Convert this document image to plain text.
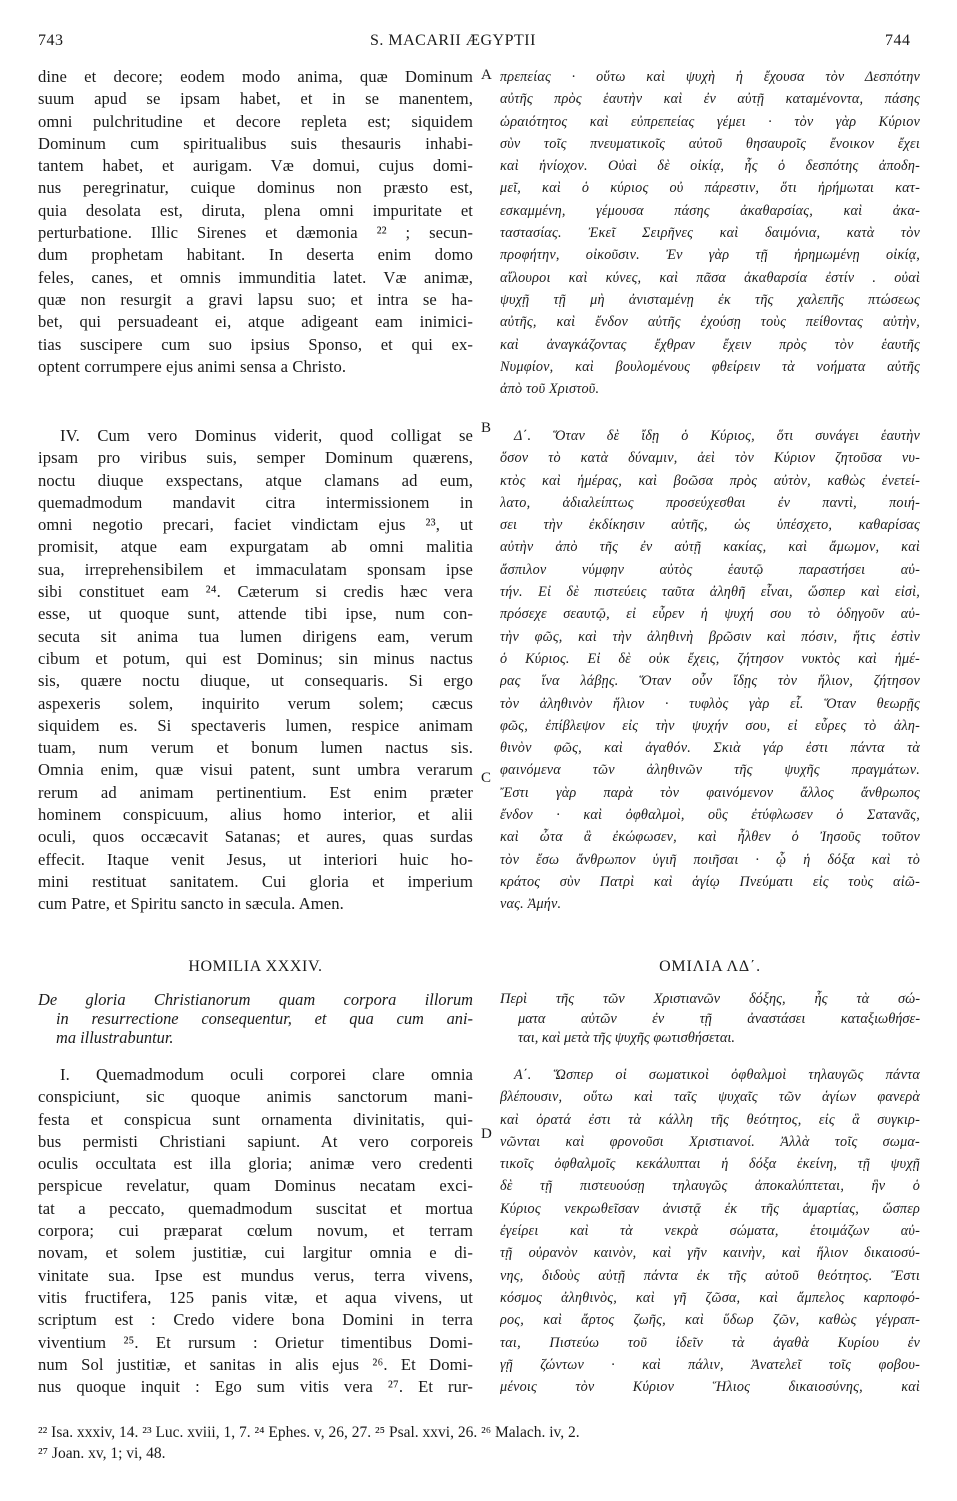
743	S. MACARII ÆGYPTII	744
A
B
C
D
dine et decore; eodem modo anima, quæ Dominum
suum apud se ipsam habet, et in se manentem,
omni pulchritudine et decore repleta est; siquidem
Dominum cum spiritualibus suis thesauris inhabi-
tantem habet, et aurigam. Væ domui, cujus domi-
nus peregrinatur, cuique dominus non præsto est,
quia desolata est, diruta, plena omni impuritate et
perturbatione. Illic Sirenes et dæmonia ²² ; secun-
dum prophetam habitant. In deserta enim domo
feles, canes, et omnis immunditia latet. Væ animæ,
quæ non resurgit a gravi lapsu suo; et intra se ha-
bet, qui persuadeant ei, atque adigeant eam inimici-
tias suscipere cum suo ipsius Sponso, et qui ex-
optent corrumpere ejus animi sensa a Christo.
IV. Cum vero Dominus viderit, quod colligat se
ipsam pro viribus suis, semper Dominum quærens,
noctu diuque exspectans, atque clamans ad eum,
quemadmodum mandavit citra intermissionem in
omni negotio precari, faciet vindictam ejus ²³, ut
promisit, atque eam expurgatam ab omni malitia
sua, irreprehensibilem et immaculatam sponsam ipse
sibi constituet eam ²⁴. Cæterum si credis hæc vera
esse, ut quoque sunt, attende tibi ipse, num con-
secuta sit anima tua lumen dirigens eam, verum
cibum et potum, qui est Dominus; sin minus nactus
sis, quære noctu diuque, ut consequaris. Si ergo
aspexeris solem, inquirito verum solem; cæcus
siquidem es. Si spectaveris lumen, respice animam
tuam, num verum et bonum lumen nactus sis.
Omnia enim, quæ visui patent, sunt umbra verarum
rerum ad animam pertinentium. Est enim præter
hominem conspicuum, alius homo interior, et alii
oculi, quos occæcavit Satanas; et aures, quas surdas
effecit. Itaque venit Jesus, ut interiori huic ho-
mini restituat sanitatem. Cui gloria et imperium
cum Patre, et Spiritu sancto in sæcula. Amen.
HOMILIA XXXIV.
De gloria Christianorum quam corpora illorum
in resurrectione consequentur, et qua cum ani-
ma illustrabuntur.
I. Quemadmodum oculi corporei clare omnia
conspiciunt, sic quoque animis sanctorum mani-
festa et conspicua sunt ornamenta divinitatis, qui-
bus permisti Christiani sapiunt. At vero corporeis
oculis occultata est illa gloria; animæ vero credenti
perspicue revelatur, quam Dominus necatam exci-
tat a peccato, quemadmodum suscitat et mortua
corpora; cui præparat cœlum novum, et terram
novam, et solem justitiæ, cui largitur omnia e di-
vinitate sua. Ipse est mundus verus, terra vivens,
vitis fructifera, 125 panis vitæ, et aqua vivens, ut
scriptum est : Credo videre bona Domini in terra
viventium ²⁵. Et rursum : Orietur timentibus Domi-
num Sol justitiæ, et sanitas in alis ejus ²⁶. Et Domi-
nus quoque inquit : Ego sum vitis vera ²⁷. Et rur-
πρεπείας · οὕτω καὶ ψυχὴ ἡ ἔχουσα τὸν Δεσπότην
αὐτῆς πρὸς ἑαυτὴν καὶ ἐν αὐτῇ καταμένοντα, πάσης
ὡραιότητος καὶ εὐπρεπείας γέμει · τὸν γὰρ Κύριον
σὺν τοῖς πνευματικοῖς αὐτοῦ θησαυροῖς ἔνοικον ἔχει
καὶ ἡνίοχον. Οὐαὶ δὲ οἰκίᾳ, ἧς ὁ δεσπότης ἀποδη-
μεῖ, καὶ ὁ κύριος οὐ πάρεστιν, ὅτι ἠρήμωται κατ-
εσκαμμένη, γέμουσα πάσης ἀκαθαρσίας, καὶ ἀκα-
ταστασίας. Ἐκεῖ Σειρῆνες καὶ δαιμόνια, κατὰ τὸν
προφήτην, οἰκοῦσιν. Ἐν γὰρ τῇ ἠρημωμένῃ οἰκίᾳ,
αἴλουροι καὶ κύνες, καὶ πᾶσα ἀκαθαρσία ἐστίν . οὐαὶ
ψυχῇ τῇ μὴ ἀνισταμένῃ ἐκ τῆς χαλεπῆς πτώσεως
αὐτῆς, καὶ ἔνδον αὐτῆς ἐχούσῃ τοὺς πείθοντας αὐτὴν,
καὶ ἀναγκάζοντας ἔχθραν ἔχειν πρὸς τὸν ἑαυτῆς
Νυμφίον, καὶ βουλομένους φθείρειν τὰ νοήματα αὐτῆς
ἀπὸ τοῦ Χριστοῦ.
Δ΄. Ὅταν δὲ ἴδῃ ὁ Κύριος, ὅτι συνάγει ἑαυτὴν
ὅσον τὸ κατὰ δύναμιν, ἀεὶ τὸν Κύριον ζητοῦσα νυ-
κτὸς καὶ ἡμέρας, καὶ βοῶσα πρὸς αὐτὸν, καθὼς ἐνετεί-
λατο, ἀδιαλείπτως προσεύχεσθαι ἐν παντὶ, ποιή-
σει τὴν ἐκδίκησιν αὐτῆς, ὡς ὑπέσχετο, καθαρίσας
αὐτὴν ἀπὸ τῆς ἐν αὐτῇ κακίας, καὶ ἄμωμον, καὶ
ἄσπιλον νύμφην αὐτὸς ἑαυτῷ παραστήσει αὐ-
τήν. Εἰ δὲ πιστεύεις ταῦτα ἀληθῆ εἶναι, ὥσπερ καὶ εἰσὶ,
πρόσεχε σεαυτῷ, εἰ εὗρεν ἡ ψυχή σου τὸ ὁδηγοῦν αὐ-
τὴν φῶς, καὶ τὴν ἀληθινὴ βρῶσιν καὶ πόσιν, ἥτις ἐστὶν
ὁ Κύριος. Εἰ δὲ οὐκ ἔχεις, ζήτησον νυκτὸς καὶ ἡμέ-
ρας ἵνα λάβῃς. Ὅταν οὖν ἴδῃς τὸν ἥλιον, ζήτησον
τὸν ἀληθινὸν ἥλιον · τυφλὸς γὰρ εἶ. Ὅταν θεωρῇς
φῶς, ἐπίβλεψον εἰς τὴν ψυχήν σου, εἰ εὗρες τὸ ἀλη-
θινὸν φῶς, καὶ ἀγαθόν. Σκιὰ γάρ ἐστι πάντα τὰ
φαινόμενα τῶν ἀληθινῶν τῆς ψυχῆς πραγμάτων.
Ἔστι γὰρ παρὰ τὸν φαινόμενον ἄλλος ἄνθρωπος
ἔνδον · καὶ ὀφθαλμοὶ, οὓς ἐτύφλωσεν ὁ Σατανᾶς,
καὶ ὦτα ἃ ἐκώφωσεν, καὶ ἦλθεν ὁ Ἰησοῦς τοῦτον
τὸν ἔσω ἄνθρωπον ὑγιῆ ποιῆσαι · ᾧ ἡ δόξα καὶ τὸ
κράτος σὺν Πατρὶ καὶ ἁγίῳ Πνεύματι εἰς τοὺς αἰῶ-
νας. Ἀμήν.
ΟΜΙΛΙΑ ΛΔ΄.
Περὶ τῆς τῶν Χριστιανῶν δόξης, ἧς τὰ σώ-
ματα αὐτῶν ἐν τῇ ἀναστάσει καταξιωθήσε-
ται, καὶ μετὰ τῆς ψυχῆς φωτισθήσεται.
Α΄. Ὥσπερ οἱ σωματικοὶ ὀφθαλμοὶ τηλαυγῶς πάντα
βλέπουσιν, οὕτω καὶ ταῖς ψυχαῖς τῶν ἁγίων φανερὰ
καὶ ὁρατά ἐστι τὰ κάλλη τῆς θεότητος, εἰς ἃ συγκιρ-
νῶνται καὶ φρονοῦσι Χριστιανοί. Ἀλλὰ τοῖς σωμα-
τικοῖς ὀφθαλμοῖς κεκάλυπται ἡ δόξα ἐκείνη, τῇ ψυχῇ
δὲ τῇ πιστευούσῃ τηλαυγῶς ἀποκαλύπτεται, ἣν ὁ
Κύριος νεκρωθεῖσαν ἀνιστᾷ ἐκ τῆς ἁμαρτίας, ὥσπερ
ἐγείρει καὶ τὰ νεκρὰ σώματα, ἑτοιμάζων αὐ-
τῇ οὐρανὸν καινὸν, καὶ γῆν καινὴν, καὶ ἥλιον δικαιοσύ-
νης, διδοὺς αὐτῇ πάντα ἐκ τῆς αὐτοῦ θεότητος. Ἔστι
κόσμος ἀληθινὸς, καὶ γῆ ζῶσα, καὶ ἄμπελος καρποφό-
ρος, καὶ ἄρτος ζωῆς, καὶ ὕδωρ ζῶν, καθὼς γέγραπ-
ται, Πιστεύω τοῦ ἰδεῖν τὰ ἀγαθὰ Κυρίου ἐν
γῇ ζώντων · καὶ πάλιν, Ἀνατελεῖ τοῖς φοβου-
μένοις τὸν Κύριον Ἥλιος δικαιοσύνης, καὶ
²² Isa. xxxiv, 14. ²³ Luc. xviii, 1, 7. ²⁴ Ephes. v, 26, 27. ²⁵ Psal. xxvi, 26. ²⁶ Malach. iv, 2.
²⁷ Joan. xv, 1; vi, 48.
